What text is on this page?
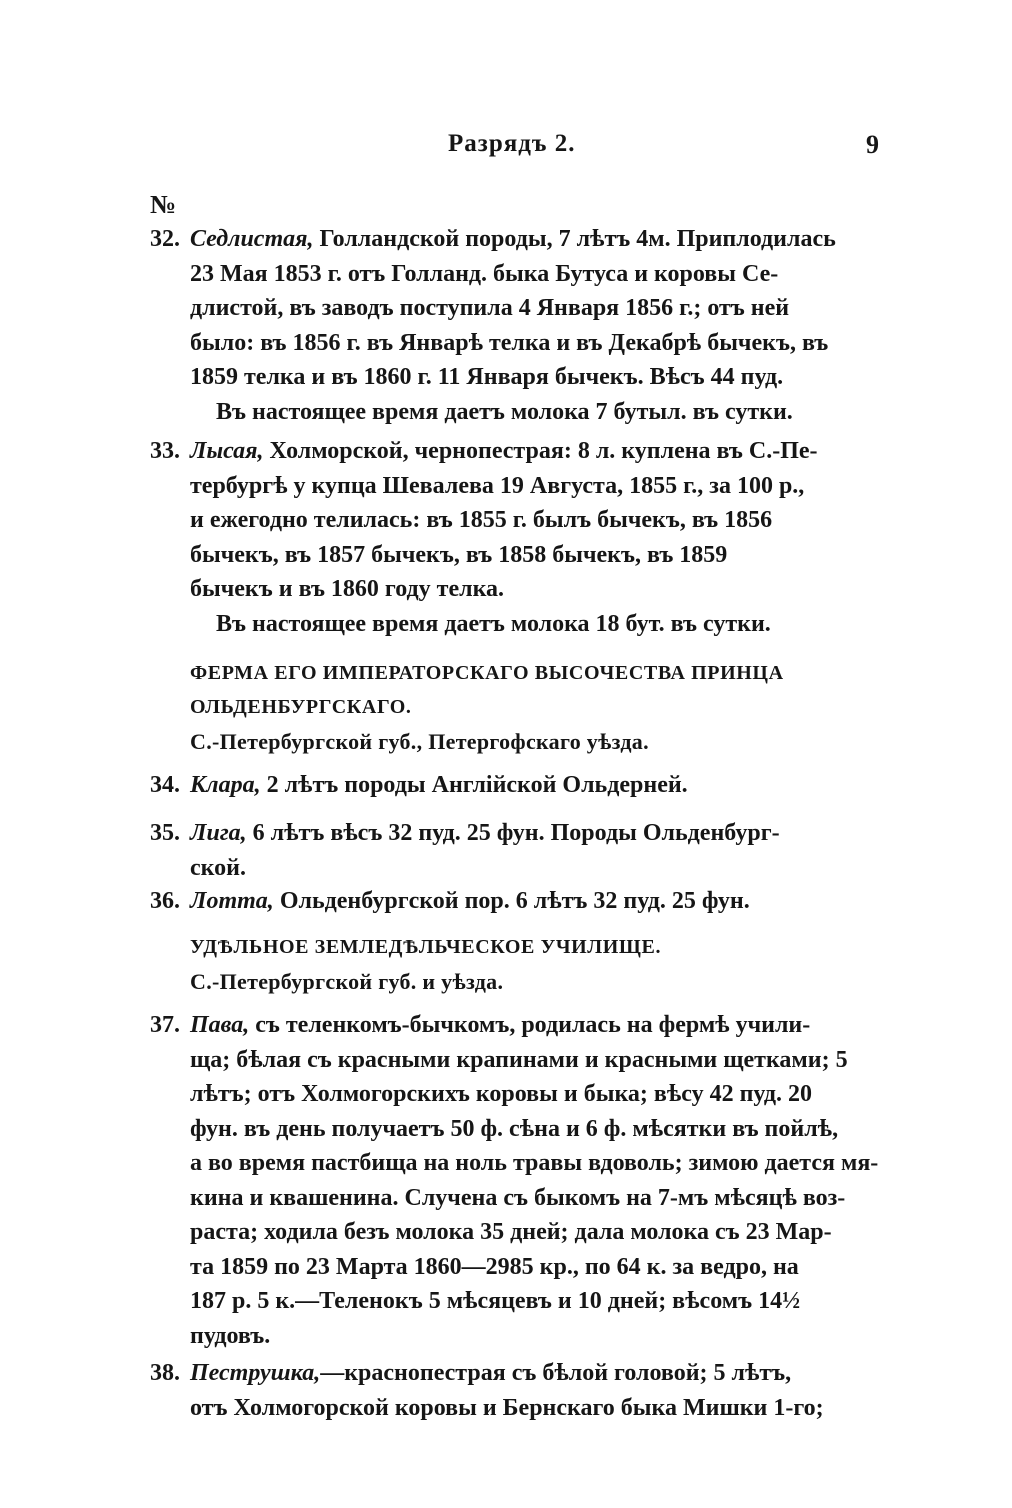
Разрядъ 2.	9
№
32. Седлистая, Голландской породы, 7 лѣтъ 4м. Приплодилась
23 Мая 1853 г. отъ Голланд. быка Бутуса и коровы Се-
длистой, въ заводъ поступила 4 Января 1856 г.; отъ ней
было: въ 1856 г. въ Январѣ телка и въ Декабрѣ бычекъ, въ
1859 телка и въ 1860 г. 11 Января бычекъ. Вѣсъ 44 пуд.
Въ настоящее время даетъ молока 7 бутыл. въ сутки.
33. Лысая, Холморской, чернопестрая: 8 л. куплена въ С.-Пе-
тербургѣ у купца Шевалева 19 Августа, 1855 г., за 100 р.,
и ежегодно телилась: въ 1855 г. былъ бычекъ, въ 1856
бычекъ, въ 1857 бычекъ, въ 1858 бычекъ, въ 1859
бычекъ и въ 1860 году телка.
Въ настоящее время даетъ молока 18 бут. въ сутки.
ФЕРМА ЕГО ИМПЕРАТОРСКАГО ВЫСОЧЕСТВА ПРИНЦА
ОЛЬДЕНБУРГСКАГО.
С.-Петербургской губ., Петергофскаго уѣзда.
34. Клара, 2 лѣтъ породы Англійской Ольдерней.
35. Лига, 6 лѣтъ вѣсъ 32 пуд. 25 фун. Породы Ольденбург-
ской.
36. Лотта, Ольденбургской пор. 6 лѣтъ 32 пуд. 25 фун.
УДѢЛЬНОЕ ЗЕМЛЕДѢЛЬЧЕСКОЕ УЧИЛИЩЕ.
С.-Петербургской губ. и уѣзда.
37. Пава, съ теленкомъ-бычкомъ, родилась на фермѣ учили-
ща; бѣлая съ красными крапинами и красными щетками; 5
лѣтъ; отъ Холмогорскихъ коровы и быка; вѣсу 42 пуд. 20
фун. въ день получаетъ 50 ф. сѣна и 6 ф. мѣсятки въ пойлѣ,
а во время пастбища на ноль травы вдоволь; зимою дается мя-
кина и квашенина. Случена съ быкомъ на 7-мъ мѣсяцѣ воз-
раста; ходила безъ молока 35 дней; дала молока съ 23 Мар-
та 1859 по 23 Марта 1860—2985 кр., по 64 к. за ведро, на
187 р. 5 к.—Теленокъ 5 мѣсяцевъ и 10 дней; вѣсомъ 14½
пудовъ.
38. Пеструшка,—краснопестрая съ бѣлой головой; 5 лѣтъ,
отъ Холмогорской коровы и Бернскаго быка Мишки 1-го;
